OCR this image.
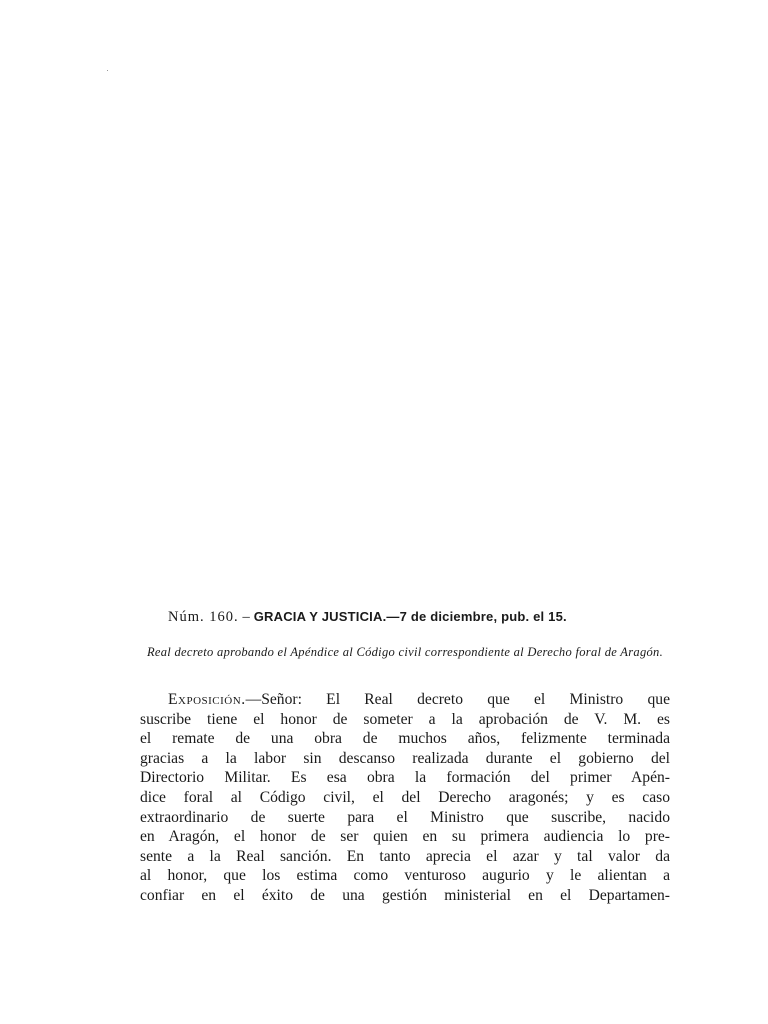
Núm. 160. – GRACIA Y JUSTICIA.—7 de diciembre, pub. el 15.
Real decreto aprobando el Apéndice al Código civil correspondiente al Derecho foral de Aragón.
Exposición.—Señor: El Real decreto que el Ministro que
suscribe tiene el honor de someter a la aprobación de V. M. es
el remate de una obra de muchos años, felizmente terminada
gracias a la labor sin descanso realizada durante el gobierno del
Directorio Militar. Es esa obra la formación del primer Apén-
dice foral al Código civil, el del Derecho aragonés; y es caso
extraordinario de suerte para el Ministro que suscribe, nacido
en Aragón, el honor de ser quien en su primera audiencia lo pre-
sente a la Real sanción. En tanto aprecia el azar y tal valor da
al honor, que los estima como venturoso augurio y le alientan a
confiar en el éxito de una gestión ministerial en el Departamen-
